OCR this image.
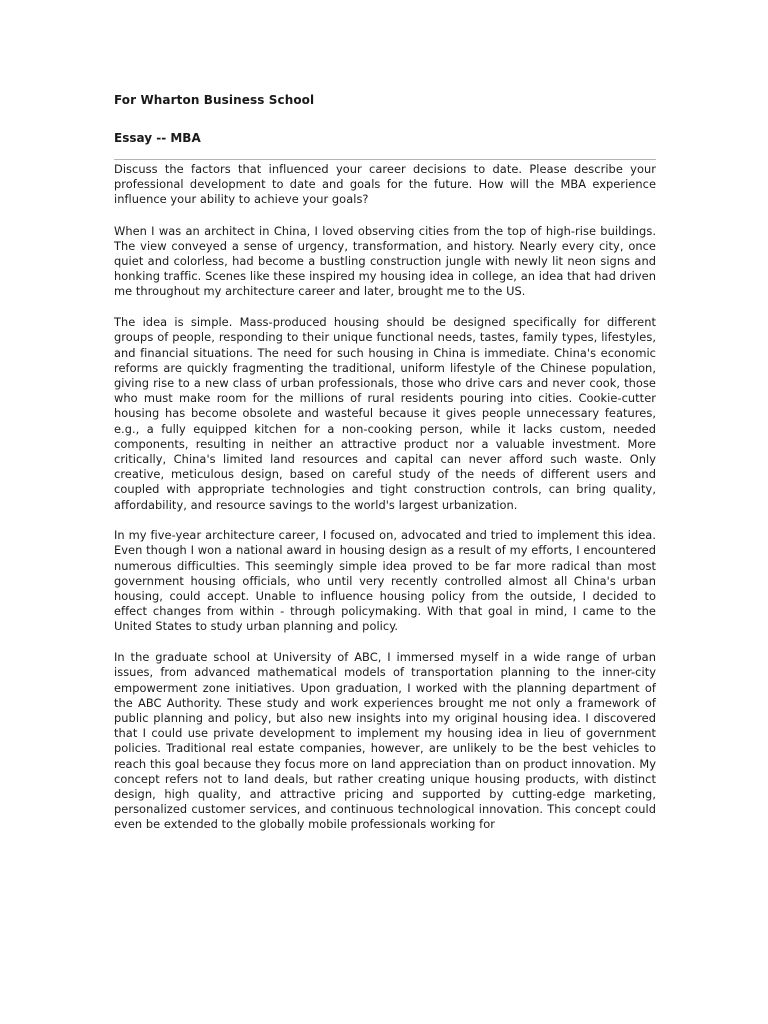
For Wharton Business School
Essay -- MBA

Discuss the factors that influenced your career decisions to date. Please describe your professional development to date and goals for the future. How will the MBA experience influence your ability to achieve your goals?

When I was an architect in China, I loved observing cities from the top of high-rise buildings. The view conveyed a sense of urgency, transformation, and history. Nearly every city, once quiet and colorless, had become a bustling construction jungle with newly lit neon signs and honking traffic. Scenes like these inspired my housing idea in college, an idea that had driven me throughout my architecture career and later, brought me to the US.

The idea is simple. Mass-produced housing should be designed specifically for different groups of people, responding to their unique functional needs, tastes, family types, lifestyles, and financial situations. The need for such housing in China is immediate. China's economic reforms are quickly fragmenting the traditional, uniform lifestyle of the Chinese population, giving rise to a new class of urban professionals, those who drive cars and never cook, those who must make room for the millions of rural residents pouring into cities. Cookie-cutter housing has become obsolete and wasteful because it gives people unnecessary features, e.g., a fully equipped kitchen for a non-cooking person, while it lacks custom, needed components, resulting in neither an attractive product nor a valuable investment. More critically, China's limited land resources and capital can never afford such waste. Only creative, meticulous design, based on careful study of the needs of different users and coupled with appropriate technologies and tight construction controls, can bring quality, affordability, and resource savings to the world's largest urbanization.

In my five-year architecture career, I focused on, advocated and tried to implement this idea. Even though I won a national award in housing design as a result of my efforts, I encountered numerous difficulties. This seemingly simple idea proved to be far more radical than most government housing officials, who until very recently controlled almost all China's urban housing, could accept. Unable to influence housing policy from the outside, I decided to effect changes from within - through policymaking. With that goal in mind, I came to the United States to study urban planning and policy.

In the graduate school at University of ABC, I immersed myself in a wide range of urban issues, from advanced mathematical models of transportation planning to the inner-city empowerment zone initiatives. Upon graduation, I worked with the planning department of the ABC Authority. These study and work experiences brought me not only a framework of public planning and policy, but also new insights into my original housing idea. I discovered that I could use private development to implement my housing idea in lieu of government policies. Traditional real estate companies, however, are unlikely to be the best vehicles to reach this goal because they focus more on land appreciation than on product innovation. My concept refers not to land deals, but rather creating unique housing products, with distinct design, high quality, and attractive pricing and supported by cutting-edge marketing, personalized customer services, and continuous technological innovation. This concept could even be extended to the globally mobile professionals working for
